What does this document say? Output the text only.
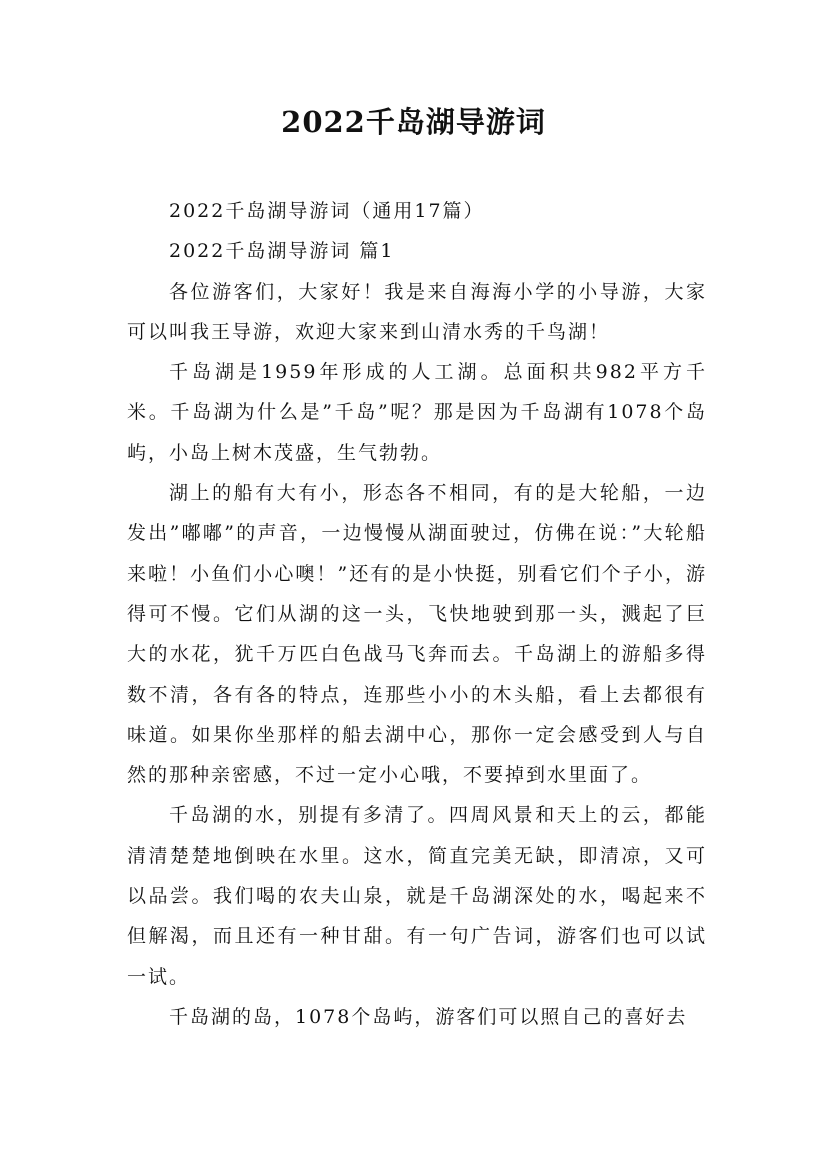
2022千岛湖导游词

2022千岛湖导游词（通用17篇）

2022千岛湖导游词 篇1

各位游客们，大家好！我是来自海海小学的小导游，大家可以叫我王导游，欢迎大家来到山清水秀的千鸟湖！

千岛湖是1959年形成的人工湖。总面积共982平方千米。千岛湖为什么是”千岛”呢？那是因为千岛湖有1078个岛屿，小岛上树木茂盛，生气勃勃。

湖上的船有大有小，形态各不相同，有的是大轮船，一边发出”嘟嘟”的声音，一边慢慢从湖面驶过，仿佛在说：”大轮船来啦！小鱼们小心噢！”还有的是小快挺，别看它们个子小，游得可不慢。它们从湖的这一头，飞快地驶到那一头，溅起了巨大的水花，犹千万匹白色战马飞奔而去。千岛湖上的游船多得数不清，各有各的特点，连那些小小的木头船，看上去都很有味道。如果你坐那样的船去湖中心，那你一定会感受到人与自然的那种亲密感，不过一定小心哦，不要掉到水里面了。

千岛湖的水，别提有多清了。四周风景和天上的云，都能清清楚楚地倒映在水里。这水，简直完美无缺，即清凉，又可以品尝。我们喝的农夫山泉，就是千岛湖深处的水，喝起来不但解渴，而且还有一种甘甜。有一句广告词，游客们也可以试一试。

千岛湖的岛，1078个岛屿，游客们可以照自己的喜好去
